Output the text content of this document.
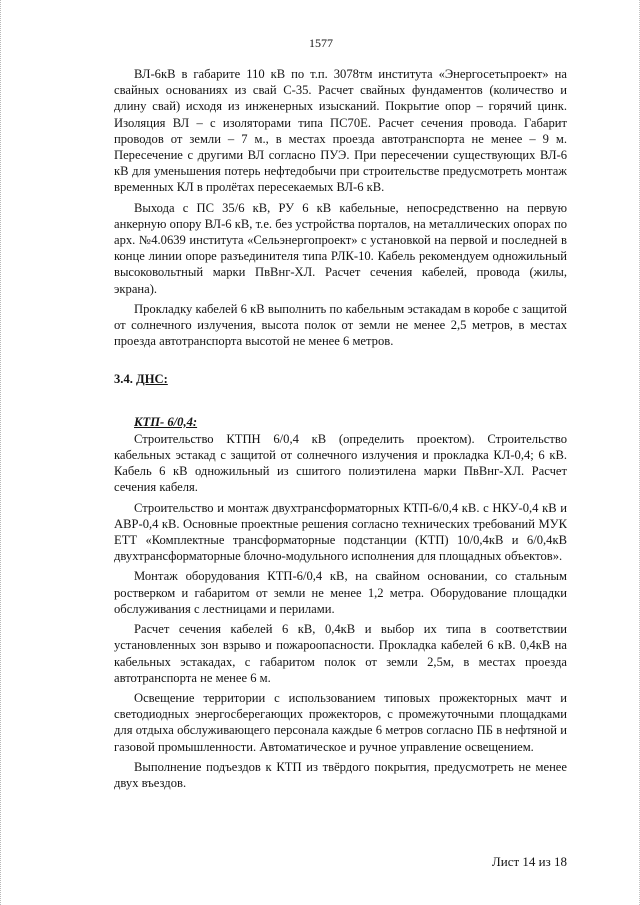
1577

ВЛ-6кВ в габарите 110 кВ по т.п. 3078тм института «Энергосетьпроект» на свайных основаниях из свай С-35. Расчет свайных фундаментов (количество и длину свай) исходя из инженерных изысканий. Покрытие опор – горячий цинк. Изоляция ВЛ – с изоляторами типа ПС70Е. Расчет сечения провода. Габарит проводов от земли – 7 м., в местах проезда автотранспорта не менее – 9 м. Пересечение с другими ВЛ согласно ПУЭ. При пересечении существующих ВЛ-6 кВ для уменьшения потерь нефтедобычи при строительстве предусмотреть монтаж временных КЛ в пролётах пересекаемых ВЛ-6 кВ.

Выхода с ПС 35/6 кВ, РУ 6 кВ кабельные, непосредственно на первую анкерную опору ВЛ-6 кВ, т.е. без устройства порталов, на металлических опорах по арх. №4.0639 института «Сельэнергопроект» с установкой на первой и последней в конце линии опоре разъединителя типа РЛК-10. Кабель рекомендуем одножильный высоковольтный марки ПвВнг-ХЛ. Расчет сечения кабелей, провода (жилы, экрана).

Прокладку кабелей 6 кВ выполнить по кабельным эстакадам в коробе с защитой от солнечного излучения, высота полок от земли не менее 2,5 метров, в местах проезда автотранспорта высотой не менее 6 метров.

3.4. ДНС:
КТП- 6/0,4:

Строительство КТПН 6/0,4 кВ (определить проектом). Строительство кабельных эстакад с защитой от солнечного излучения и прокладка КЛ-0,4; 6 кВ. Кабель 6 кВ одножильный из сшитого полиэтилена марки ПвВнг-ХЛ. Расчет сечения кабеля.

Строительство и монтаж двухтрансформаторных КТП-6/0,4 кВ. с НКУ-0,4 кВ и АВР-0,4 кВ. Основные проектные решения согласно технических требований МУК ЕТТ «Комплектные трансформаторные подстанции (КТП) 10/0,4кВ и 6/0,4кВ двухтрансформаторные блочно-модульного исполнения для площадных объектов».

Монтаж оборудования КТП-6/0,4 кВ, на свайном основании, со стальным ростверком и габаритом от земли не менее 1,2 метра. Оборудование площадки обслуживания с лестницами и перилами.

Расчет сечения кабелей 6 кВ, 0,4кВ и выбор их типа в соответствии установленных зон взрыво и пожароопасности. Прокладка кабелей 6 кВ. 0,4кВ на кабельных эстакадах, с габаритом полок от земли 2,5м, в местах проезда автотранспорта не менее 6 м.

Освещение территории с использованием типовых прожекторных мачт и светодиодных энергосберегающих прожекторов, с промежуточными площадками для отдыха обслуживающего персонала каждые 6 метров согласно ПБ в нефтяной и газовой промышленности. Автоматическое и ручное управление освещением.

Выполнение подъездов к КТП из твёрдого покрытия, предусмотреть не менее двух въездов.

Лист 14 из 18
